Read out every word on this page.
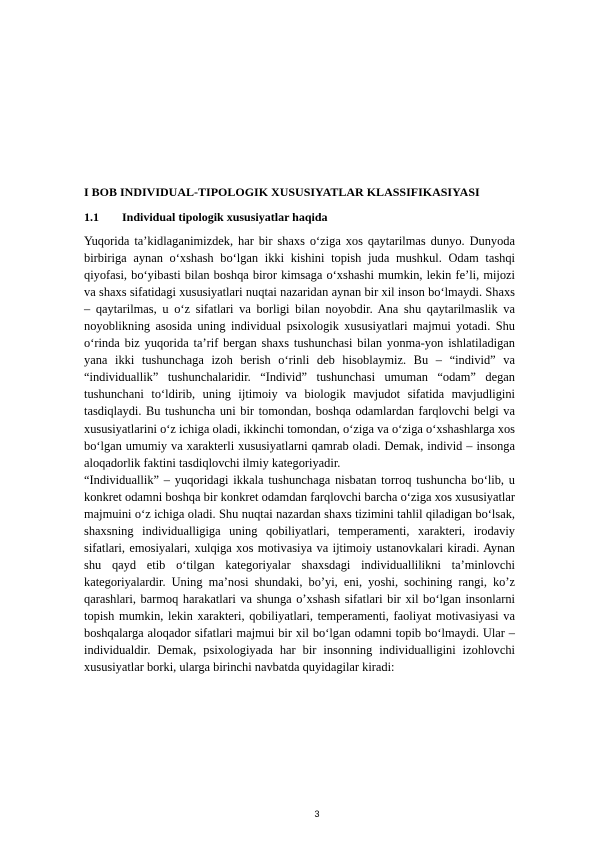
I BOB INDIVIDUAL-TIPOLOGIK XUSUSIYATLAR KLASSIFIKASIYASI
1.1 Individual tipologik xususiyatlar haqida

Yuqorida ta’kidlaganimizdek, har bir shaxs o‘ziga xos qaytarilmas dunyo. Dunyoda birbiriga aynan o‘xshash bo‘lgan ikki kishini topish juda mushkul. Odam tashqi qiyofasi, bo‘yibasti bilan boshqa biror kimsaga o‘xshashi mumkin, lekin fe’li, mijozi va shaxs sifatidagi xususiyatlari nuqtai nazaridan aynan bir xil inson bo‘lmaydi. Shaxs – qaytarilmas, u o‘z sifatlari va borligi bilan noyobdir. Ana shu qaytarilmaslik va noyoblikning asosida uning individual psixologik xususiyatlari majmui yotadi. Shu o‘rinda biz yuqorida ta’rif bergan shaxs tushunchasi bilan yonma-yon ishlatiladigan yana ikki tushunchaga izoh berish o‘rinli deb hisoblaymiz. Bu – “individ” va “individuallik” tushunchalaridir. “Individ” tushunchasi umuman “odam” degan tushunchani to‘ldirib, uning ijtimoiy va biologik mavjudot sifatida mavjudligini tasdiqlaydi. Bu tushuncha uni bir tomondan, boshqa odamlardan farqlovchi belgi va xususiyatlarini o‘z ichiga oladi, ikkinchi tomondan, o‘ziga va o‘ziga o‘xshashlarga xos bo‘lgan umumiy va xarakterli xususiyatlarni qamrab oladi. Demak, individ – insonga aloqadorlik faktini tasdiqlovchi ilmiy kategoriyadir.

“Individuallik” – yuqoridagi ikkala tushunchaga nisbatan torroq tushuncha bo‘lib, u konkret odamni boshqa bir konkret odamdan farqlovchi barcha o‘ziga xos xususiyatlar majmuini o‘z ichiga oladi. Shu nuqtai nazardan shaxs tizimini tahlil qiladigan bo‘lsak, shaxsning individualligiga uning qobiliyatlari, temperamenti, xarakteri, irodaviy sifatlari, emosiyalari, xulqiga xos motivasiya va ijtimoiy ustanovkalari kiradi. Aynan shu qayd etib o‘tilgan kategoriyalar shaxsdagi individuallilikni ta’minlovchi kategoriyalardir. Uning ma’nosi shundaki, bo’yi, eni, yoshi, sochining rangi, ko’z qarashlari, barmoq harakatlari va shunga o’xshash sifatlari bir xil bo‘lgan insonlarni topish mumkin, lekin xarakteri, qobiliyatlari, temperamenti, faoliyat motivasiyasi va boshqalarga aloqador sifatlari majmui bir xil bo‘lgan odamni topib bo‘lmaydi. Ular – individualdir. Demak, psixologiyada har bir insonning individualligini izohlovchi xususiyatlar borki, ularga birinchi navbatda quyidagilar kiradi:

3
